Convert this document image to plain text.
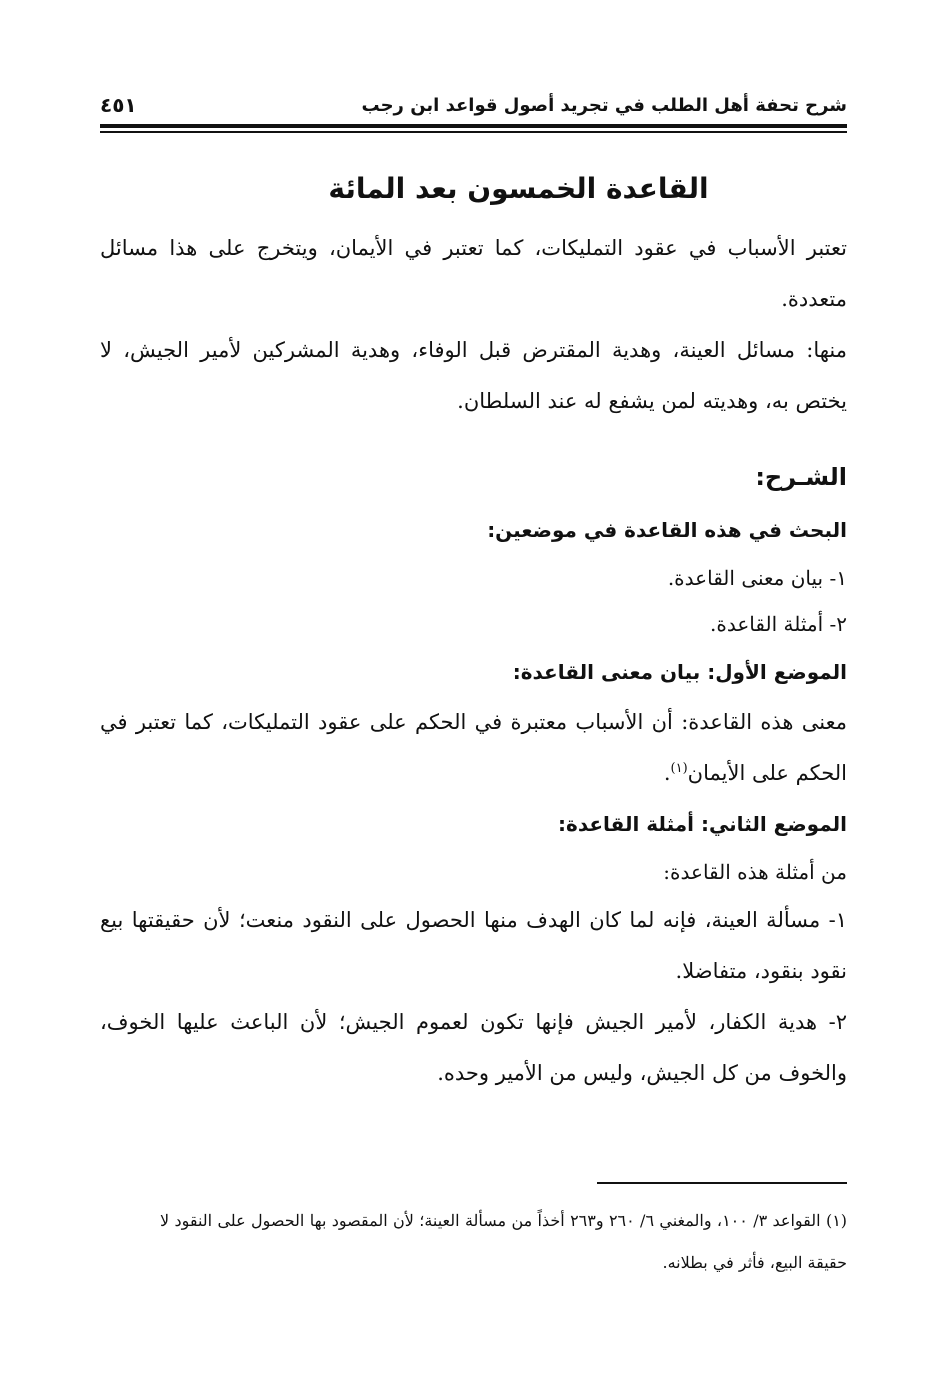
شرح تحفة أهل الطلب في تجريد أصول قواعد ابن رجب
٤٥١
القاعدة الخمسون بعد المائة

تعتبر الأسباب في عقود التمليكات، كما تعتبر في الأيمان، ويتخرج على هذا مسائل متعددة.

منها: مسائل العينة، وهدية المقترض قبل الوفاء، وهدية المشركين لأمير الجيش، لا يختص به، وهديته لمن يشفع له عند السلطان.

الشـرح:

البحث في هذه القاعدة في موضعين:

١- بيان معنى القاعدة.

٢- أمثلة القاعدة.

الموضع الأول: بيان معنى القاعدة:

معنى هذه القاعدة: أن الأسباب معتبرة في الحكم على عقود التمليكات، كما تعتبر في الحكم على الأيمان$^{(١)}$.

الموضع الثاني: أمثلة القاعدة:

من أمثلة هذه القاعدة:

١- مسألة العينة، فإنه لما كان الهدف منها الحصول على النقود منعت؛ لأن حقيقتها بيع نقود بنقود، متفاضلا.

٢- هدية الكفار، لأمير الجيش فإنها تكون لعموم الجيش؛ لأن الباعث عليها الخوف، والخوف من كل الجيش، وليس من الأمير وحده.

(١) القواعد ٣/ ١٠٠، والمغني ٦/ ٢٦٠ و٢٦٣ أخذاً من مسألة العينة؛ لأن المقصود بها الحصول على النقود لا حقيقة البيع، فأثر في بطلانه.
